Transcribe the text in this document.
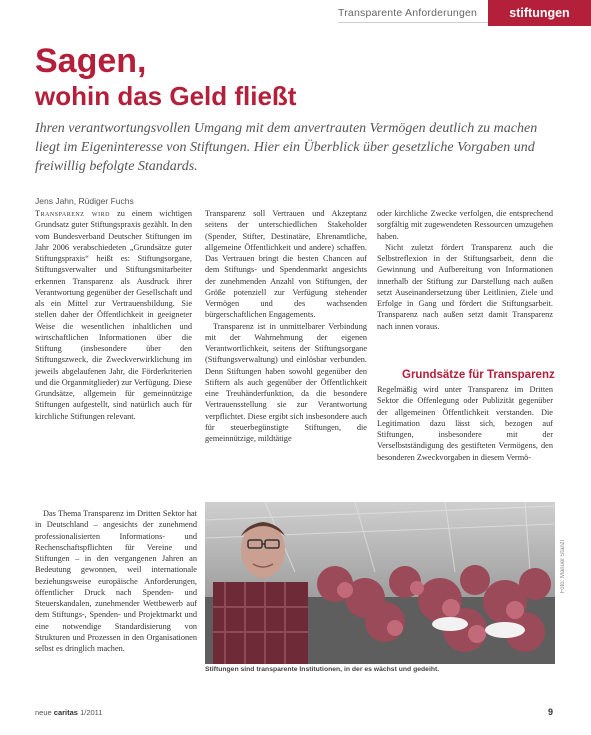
Transparente Anforderungen	stiftungen
Sagen,
wohin das Geld fließt
Ihren verantwortungsvollen Umgang mit dem anvertrauten Vermögen deutlich zu machen liegt im Eigeninteresse von Stiftungen. Hier ein Überblick über gesetzliche Vorgaben und freiwillig befolgte Standards.
Jens Jahn, Rüdiger Fuchs

Transparenz wird zu einem wichtigen Grundsatz guter Stiftungspraxis gezählt. In den vom Bundesverband Deutscher Stiftungen im Jahr 2006 verabschiedeten „Grundsätze guter Stiftungspraxis“ heißt es: Stiftungsorgane, Stiftungsverwalter und Stiftungsmitarbeiter erkennen Transparenz als Ausdruck ihrer Verantwortung gegenüber der Gesellschaft und als ein Mittel zur Vertrauensbildung. Sie stellen daher der Öffentlichkeit in geeigneter Weise die wesentlichen inhaltlichen und wirtschaftlichen Informationen über die Stiftung (insbesondere über den Stiftungszweck, die Zweckverwirklichung im jeweils abgelaufenen Jahr, die Förderkriterien und die Organmitglieder) zur Verfügung. Diese Grundsätze, allgemein für gemeinnützige Stiftungen aufgestellt, sind natürlich auch für kirchliche Stiftungen relevant.

Das Thema Transparenz im Dritten Sektor hat in Deutschland – angesichts der zunehmend professionalisierten Informations- und Rechenschaftspflichten für Vereine und Stiftungen – in den vergangenen Jahren an Bedeutung gewonnen, weil internationale beziehungsweise europäische Anforderungen, öffentlicher Druck nach Spenden- und Steuerskandalen, zunehmender Wettbewerb auf dem Stiftungs-, Spenden- und Projektmarkt und eine notwendige Standardisierung von Strukturen und Prozessen in den Organisationen selbst es dringlich machen.

Transparenz soll Vertrauen und Akzeptanz seitens der unterschiedlichen Stakeholder (Spender, Stifter, Destinatäre, Ehrenamtliche, allgemeine Öffentlichkeit und andere) schaffen. Das Vertrauen bringt die besten Chancen auf dem Stiftungs- und Spendenmarkt angesichts der zunehmenden Anzahl von Stiftungen, der Größe potenziell zur Verfügung stehender Vermögen und des wachsenden bürgerschaftlichen Engagements.

Transparenz ist in unmittelbarer Verbindung mit der Wahrnehmung der eigenen Verantwortlichkeit, seitens der Stiftungsorgane (Stiftungsverwaltung) und einlösbar verbunden. Denn Stiftungen haben sowohl gegenüber den Stiftern als auch gegenüber der Öffentlichkeit eine Treuhänderfunktion, da die besondere Vertrauensstellung sie zur Verantwortung verpflichtet. Diese ergibt sich insbesondere auch für steuerbegünstigte Stiftungen, die gemeinnützige, mildtätige

oder kirchliche Zwecke verfolgen, die entsprechend sorgfältig mit zugewendeten Ressourcen umzugehen haben.

Nicht zuletzt fördert Transparenz auch die Selbstreflexion in der Stiftungsarbeit, denn die Gewinnung und Aufbereitung von Informationen innerhalb der Stiftung zur Darstellung nach außen setzt Auseinandersetzung über Leitlinien, Ziele und Erfolge in Gang und fördert die Stiftungsarbeit. Transparenz nach außen setzt damit Transparenz nach innen voraus.

Grundsätze für Transparenz

Regelmäßig wird unter Transparenz im Dritten Sektor die Offenlegung oder Publizität gegenüber der allgemeinen Öffentlichkeit verstanden. Die Legitimation dazu lässt sich, bezogen auf Stiftungen, insbesondere mit der Verselbstständigung des gestifteten Vermögens, den besonderen Zweckvorgaben in diesem Vermö-

Foto: Manuel Stanzl
Stiftungen sind transparente Institutionen, in der es wächst und gedeiht.
neue caritas 1/2011	9
